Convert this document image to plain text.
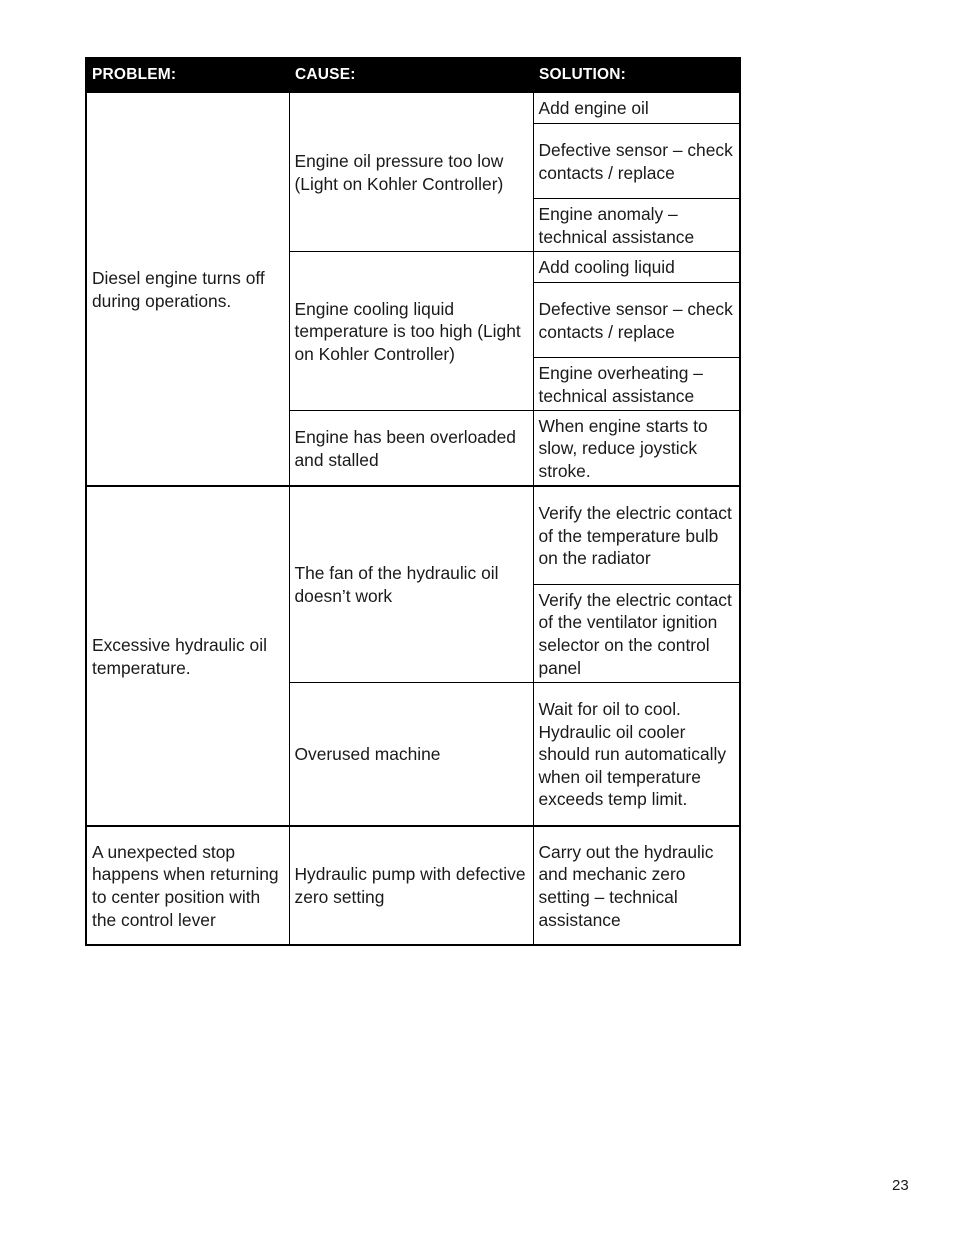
PROBLEM:	CAUSE:	SOLUTION:
Diesel engine turns off during operations.	Engine oil pressure too low (Light on Kohler Controller)	Add engine oil
		Defective sensor – check contacts / replace
		Engine anomaly – technical assistance
	Engine cooling liquid temperature is too high (Light on Kohler Controller)	Add cooling liquid
		Defective sensor – check contacts / replace
		Engine overheating – technical assistance
	Engine has been overloaded and stalled	When engine starts to slow, reduce joystick stroke.
Excessive hydraulic oil temperature.	The fan of the hydraulic oil doesn’t work	Verify the electric contact of the temperature bulb on the radiator
		Verify the electric contact of the ventilator ignition selector on the control panel
	Overused machine	Wait for oil to cool. Hydraulic oil cooler should run automatically when oil temperature exceeds temp limit.
A unexpected stop happens when returning to center position with the control lever	Hydraulic pump with defective zero setting	Carry out the hydraulic and mechanic zero setting – technical assistance
23
